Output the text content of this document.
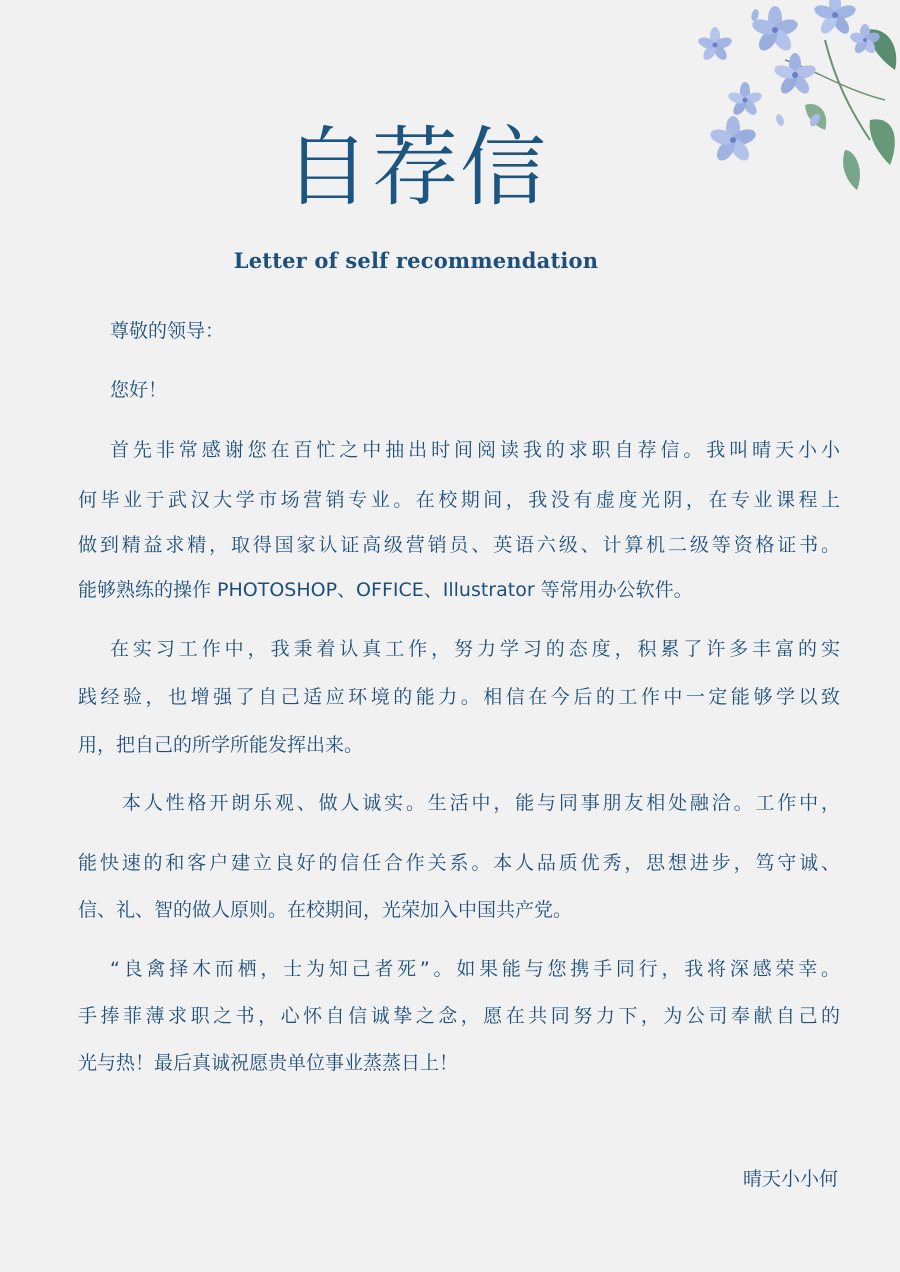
自荐信
Letter of self recommendation
尊敬的领导：
您好！
首先非常感谢您在百忙之中抽出时间阅读我的求职自荐信。我叫晴天小小
何毕业于武汉大学市场营销专业。在校期间，我没有虚度光阴，在专业课程上
做到精益求精，取得国家认证高级营销员、英语六级、计算机二级等资格证书。
能够熟练的操作 PHOTOSHOP、OFFICE、Illustrator 等常用办公软件。
在实习工作中，我秉着认真工作，努力学习的态度，积累了许多丰富的实
践经验，也增强了自己适应环境的能力。相信在今后的工作中一定能够学以致
用，把自己的所学所能发挥出来。
本人性格开朗乐观、做人诚实。生活中，能与同事朋友相处融洽。工作中，
能快速的和客户建立良好的信任合作关系。本人品质优秀，思想进步，笃守诚、
信、礼、智的做人原则。在校期间，光荣加入中国共产党。
“良禽择木而栖，士为知己者死”。如果能与您携手同行，我将深感荣幸。
手捧菲薄求职之书，心怀自信诚挚之念，愿在共同努力下，为公司奉献自己的
光与热！最后真诚祝愿贵单位事业蒸蒸日上！
晴天小小何
